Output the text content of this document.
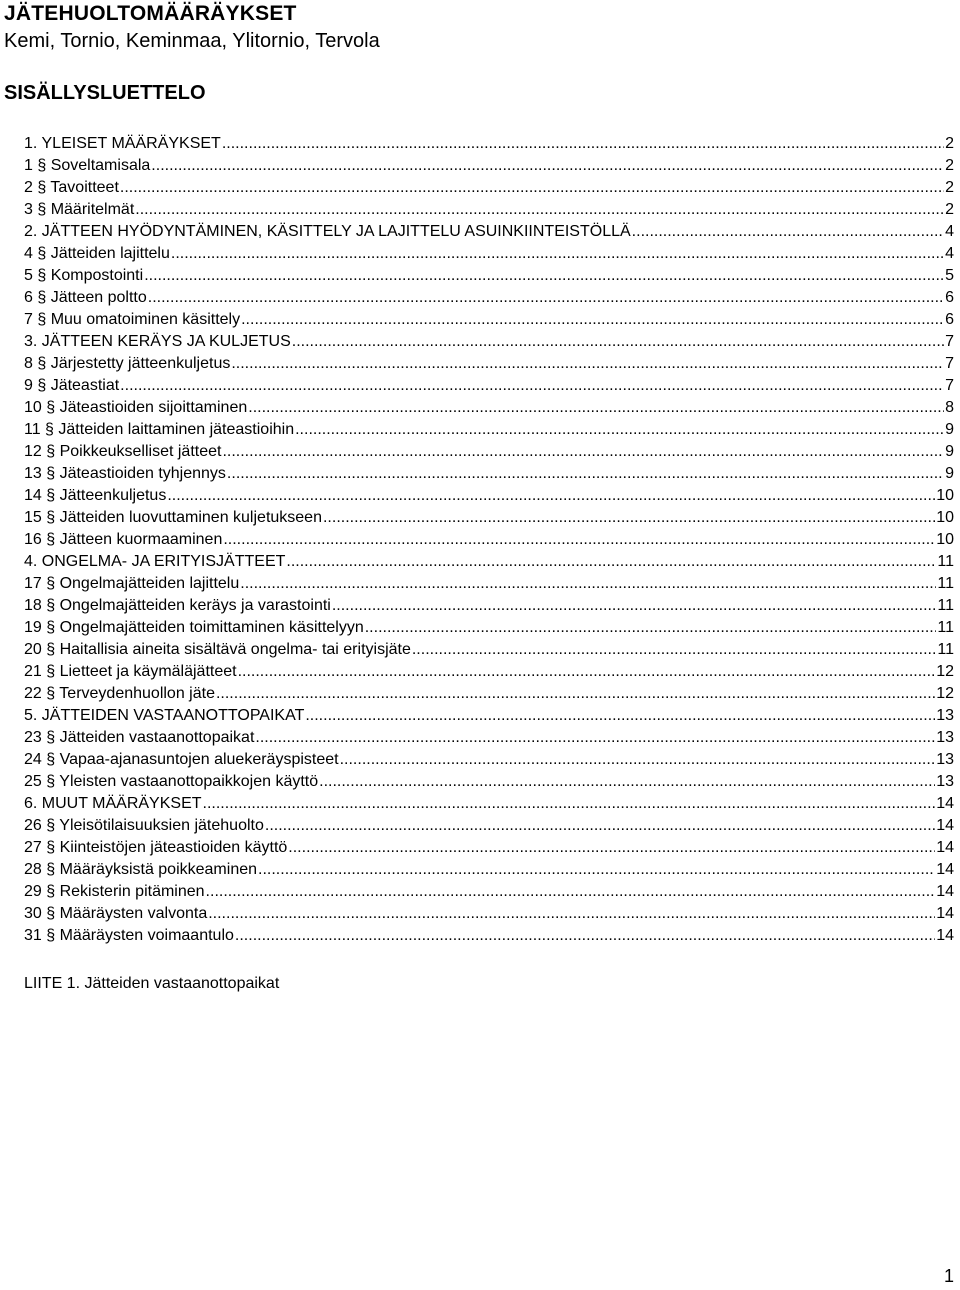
JÄTEHUOLTOMÄÄRÄYKSET
Kemi, Tornio, Keminmaa, Ylitornio, Tervola
SISÄLLYSLUETTELO
1. YLEISET MÄÄRÄYKSET .....	2
1 § Soveltamisala .....	2
2 § Tavoitteet .....	2
3 § Määritelmät .....	2
2. JÄTTEEN HYÖDYNTÄMINEN, KÄSITTELY JA LAJITTELU ASUINKIINTEISTÖLLÄ .....	4
4 § Jätteiden lajittelu .....	4
5 § Kompostointi .....	5
6 § Jätteen poltto .....	6
7 § Muu omatoiminen käsittely .....	6
3. JÄTTEEN KERÄYS JA KULJETUS .....	7
8 § Järjestetty jätteenkuljetus .....	7
9 § Jäteastiat .....	7
10 § Jäteastioiden sijoittaminen .....	8
11 § Jätteiden laittaminen jäteastioihin .....	9
12 § Poikkeukselliset jätteet .....	9
13 § Jäteastioiden tyhjennys .....	9
14 § Jätteenkuljetus .....	10
15 § Jätteiden luovuttaminen kuljetukseen .....	10
16 § Jätteen kuormaaminen .....	10
4. ONGELMA- JA ERITYISJÄTTEET .....	11
17 § Ongelmajätteiden lajittelu .....	11
18 § Ongelmajätteiden keräys ja varastointi .....	11
19 § Ongelmajätteiden toimittaminen käsittelyyn .....	11
20 § Haitallisia aineita sisältävä ongelma- tai erityisjäte .....	11
21 § Lietteet ja käymäläjätteet .....	12
22 § Terveydenhuollon jäte .....	12
5. JÄTTEIDEN VASTAANOTTOPAIKAT .....	13
23 § Jätteiden vastaanottopaikat .....	13
24 § Vapaa-ajanasuntojen aluekeräyspisteet .....	13
25 § Yleisten vastaanottopaikkojen käyttö .....	13
6. MUUT MÄÄRÄYKSET .....	14
26 § Yleisötilaisuuksien jätehuolto .....	14
27 § Kiinteistöjen jäteastioiden käyttö .....	14
28 § Määräyksistä poikkeaminen .....	14
29 § Rekisterin pitäminen .....	14
30 § Määräysten valvonta .....	14
31 § Määräysten voimaantulo .....	14
LIITE 1. Jätteiden vastaanottopaikat
1
